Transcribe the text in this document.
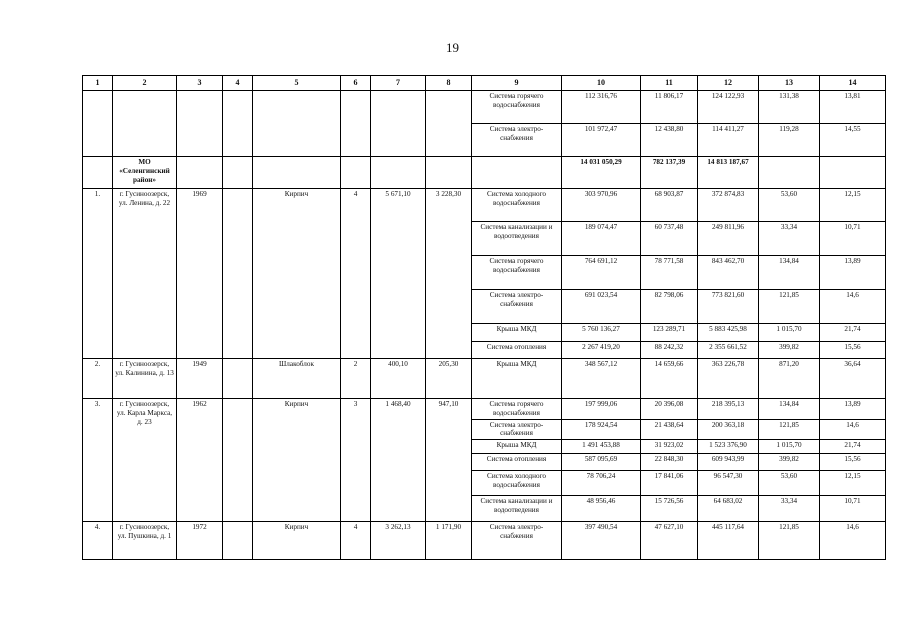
19
1	2	3	4	5	6	7	8	9	10	11	12	13	14
								Система горячего водоснабжения	112 316,76	11 806,17	124 122,93	131,38	13,81
								Система электро-снабжения	101 972,47	12 438,80	114 411,27	119,28	14,55
	МО «Селенгинский район»								14 031 050,29	782 137,39	14 813 187,67		
1.	г. Гусиноозерск, ул. Ленина, д. 22	1969		Кирпич	4	5 671,10	3 228,30	Система холодного водоснабжения	303 970,96	68 903,87	372 874,83	53,60	12,15
								Система канализации и водоотведения	189 074,47	60 737,48	249 811,96	33,34	10,71
								Система горячего водоснабжения	764 691,12	78 771,58	843 462,70	134,84	13,89
								Система электро-снабжения	691 023,54	82 798,06	773 821,60	121,85	14,6
								Крыша МКД	5 760 136,27	123 289,71	5 883 425,98	1 015,70	21,74
								Система отопления	2 267 419,20	88 242,32	2 355 661,52	399,82	15,56
2.	г. Гусиноозерск, ул. Калинина, д. 13	1949		Шлакоблок	2	400,10	205,30	Крыша МКД	348 567,12	14 659,66	363 226,78	871,20	36,64
3.	г. Гусиноозерск, ул. Карла Маркса, д. 23	1962		Кирпич	3	1 468,40	947,10	Система горячего водоснабжения	197 999,06	20 396,08	218 395,13	134,84	13,89
								Система электро-снабжения	178 924,54	21 438,64	200 363,18	121,85	14,6
								Крыша МКД	1 491 453,88	31 923,02	1 523 376,90	1 015,70	21,74
								Система отопления	587 095,69	22 848,30	609 943,99	399,82	15,56
								Система холодного водоснабжения	78 706,24	17 841,06	96 547,30	53,60	12,15
								Система канализации и водоотведения	48 956,46	15 726,56	64 683,02	33,34	10,71
4.	г. Гусиноозерск, ул. Пушкина, д. 1	1972		Кирпич	4	3 262,13	1 171,90	Система электро-снабжения	397 490,54	47 627,10	445 117,64	121,85	14,6
